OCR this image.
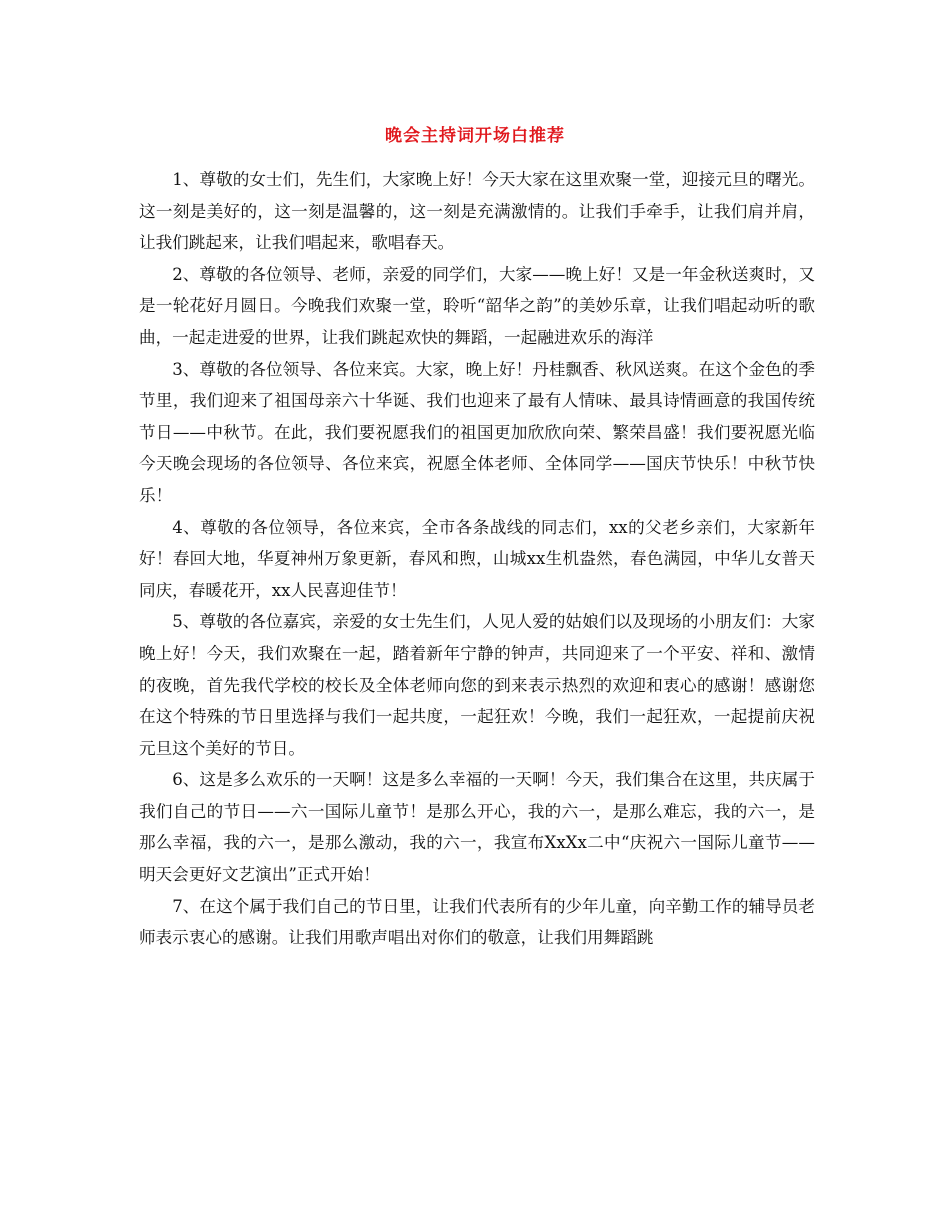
晚会主持词开场白推荐

1、尊敬的女士们，先生们，大家晚上好！今天大家在这里欢聚一堂，迎接元旦的曙光。这一刻是美好的，这一刻是温馨的，这一刻是充满激情的。让我们手牵手，让我们肩并肩，让我们跳起来，让我们唱起来，歌唱春天。

2、尊敬的各位领导、老师，亲爱的同学们，大家——晚上好！又是一年金秋送爽时，又是一轮花好月圆日。今晚我们欢聚一堂，聆听“韶华之韵”的美妙乐章，让我们唱起动听的歌曲，一起走进爱的世界，让我们跳起欢快的舞蹈，一起融进欢乐的海洋

3、尊敬的各位领导、各位来宾。大家，晚上好！丹桂飘香、秋风送爽。在这个金色的季节里，我们迎来了祖国母亲六十华诞、我们也迎来了最有人情味、最具诗情画意的我国传统节日——中秋节。在此，我们要祝愿我们的祖国更加欣欣向荣、繁荣昌盛！我们要祝愿光临今天晚会现场的各位领导、各位来宾，祝愿全体老师、全体同学——国庆节快乐！中秋节快乐！

4、尊敬的各位领导，各位来宾，全市各条战线的同志们，xx的父老乡亲们，大家新年好！春回大地，华夏神州万象更新，春风和煦，山城xx生机盎然，春色满园，中华儿女普天同庆，春暖花开，xx人民喜迎佳节！

5、尊敬的各位嘉宾，亲爱的女士先生们，人见人爱的姑娘们以及现场的小朋友们：大家晚上好！今天，我们欢聚在一起，踏着新年宁静的钟声，共同迎来了一个平安、祥和、激情的夜晚，首先我代学校的校长及全体老师向您的到来表示热烈的欢迎和衷心的感谢！感谢您在这个特殊的节日里选择与我们一起共度，一起狂欢！今晚，我们一起狂欢，一起提前庆祝元旦这个美好的节日。

6、这是多么欢乐的一天啊！这是多么幸福的一天啊！今天，我们集合在这里，共庆属于我们自己的节日——六一国际儿童节！是那么开心，我的六一，是那么难忘，我的六一，是那么幸福，我的六一，是那么激动，我的六一，我宣布XxXx二中“庆祝六一国际儿童节——明天会更好文艺演出”正式开始！

7、在这个属于我们自己的节日里，让我们代表所有的少年儿童，向辛勤工作的辅导员老师表示衷心的感谢。让我们用歌声唱出对你们的敬意，让我们用舞蹈跳
